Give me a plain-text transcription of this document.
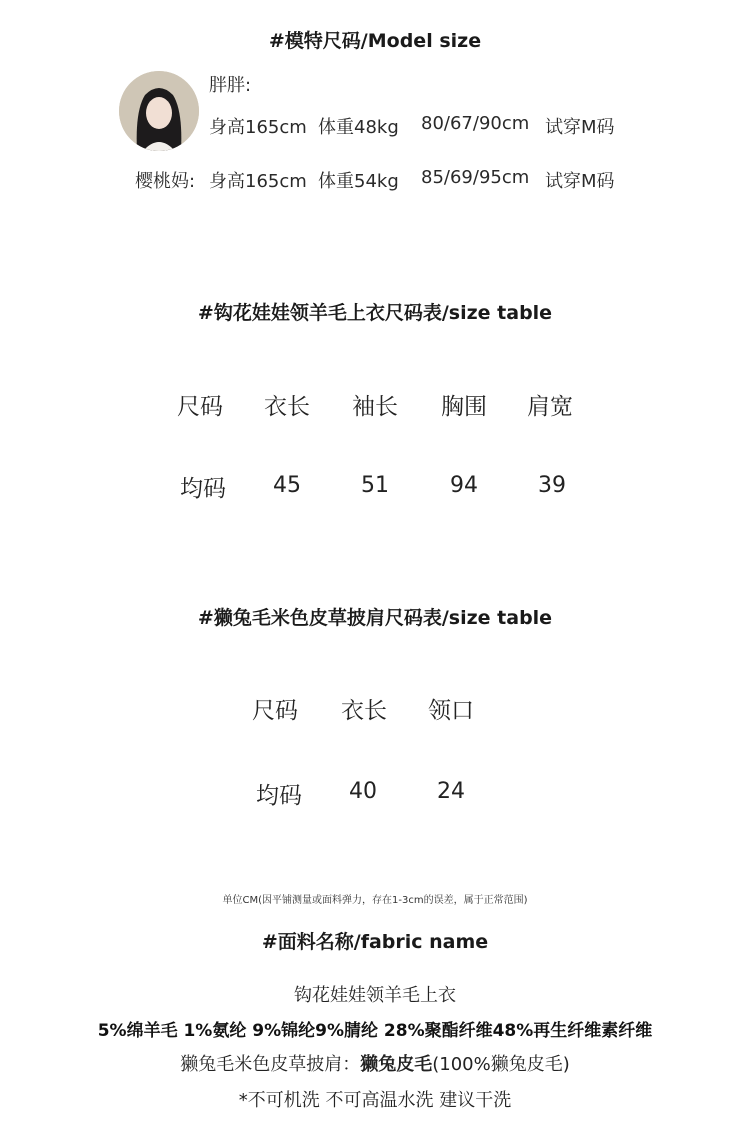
#模特尺码/Model size
胖胖:
身高165cm 体重48kg 80/67/90cm 试穿M码
樱桃妈: 身高165cm 体重54kg 85/69/95cm 试穿M码
#钩花娃娃领羊毛上衣尺码表/size table
尺码	衣长	袖长	胸围	肩宽
均码	45	51	94	39
#獭兔毛米色皮草披肩尺码表/size table
尺码	衣长	领口
均码	40	24
单位CM(因平铺测量或面料弹力，存在1-3cm的误差，属于正常范围)
#面料名称/fabric name
钩花娃娃领羊毛上衣
5%绵羊毛 1%氨纶 9%锦纶9%腈纶 28%聚酯纤维48%再生纤维素纤维
獭兔毛米色皮草披肩：獭兔皮毛(100%獭兔皮毛)
*不可机洗 不可高温水洗 建议干洗
